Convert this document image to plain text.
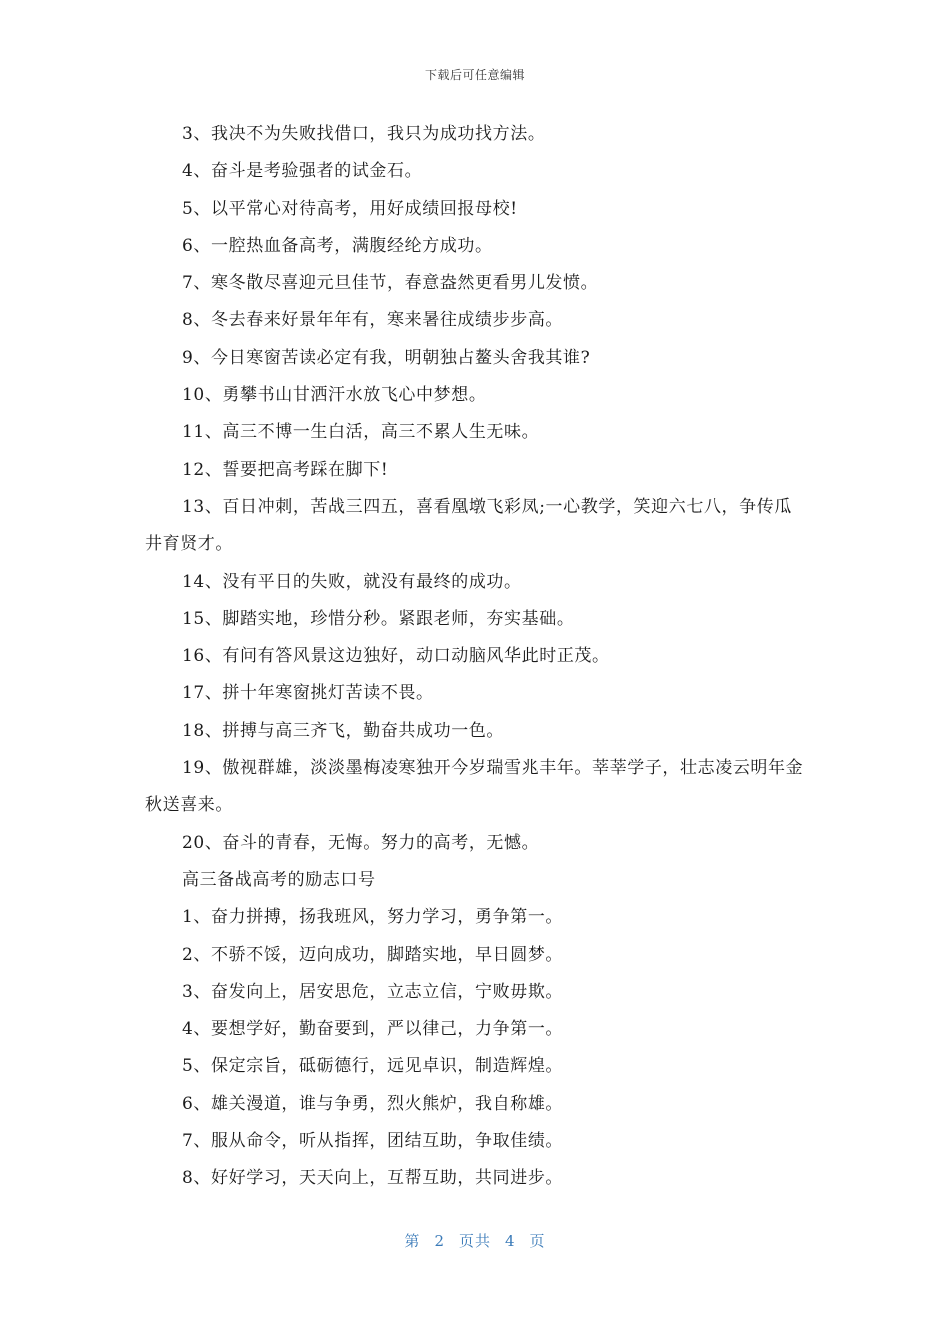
下载后可任意编辑

3、我决不为失败找借口，我只为成功找方法。

4、奋斗是考验强者的试金石。

5、以平常心对待高考，用好成绩回报母校!

6、一腔热血备高考，满腹经纶方成功。

7、寒冬散尽喜迎元旦佳节，春意盎然更看男儿发愤。

8、冬去春来好景年年有，寒来暑往成绩步步高。

9、今日寒窗苦读必定有我，明朝独占鳌头舍我其谁?

10、勇攀书山甘洒汗水放飞心中梦想。

11、高三不博一生白活，高三不累人生无味。

12、誓要把高考踩在脚下!

13、百日冲刺，苦战三四五，喜看凰墩飞彩凤;一心教学，笑迎六七八，争传瓜井育贤才。

14、没有平日的失败，就没有最终的成功。

15、脚踏实地，珍惜分秒。紧跟老师，夯实基础。

16、有问有答风景这边独好，动口动脑风华此时正茂。

17、拼十年寒窗挑灯苦读不畏。

18、拼搏与高三齐飞，勤奋共成功一色。

19、傲视群雄，淡淡墨梅凌寒独开今岁瑞雪兆丰年。莘莘学子，壮志凌云明年金秋送喜来。

20、奋斗的青春，无悔。努力的高考，无憾。

高三备战高考的励志口号

1、奋力拼搏，扬我班风，努力学习，勇争第一。

2、不骄不馁，迈向成功，脚踏实地，早日圆梦。

3、奋发向上，居安思危，立志立信，宁败毋欺。

4、要想学好，勤奋要到，严以律己，力争第一。

5、保定宗旨，砥砺德行，远见卓识，制造辉煌。

6、雄关漫道，谁与争勇，烈火熊炉，我自称雄。

7、服从命令，听从指挥，团结互助，争取佳绩。

8、好好学习，天天向上，互帮互助，共同进步。

第 2 页共 4 页
